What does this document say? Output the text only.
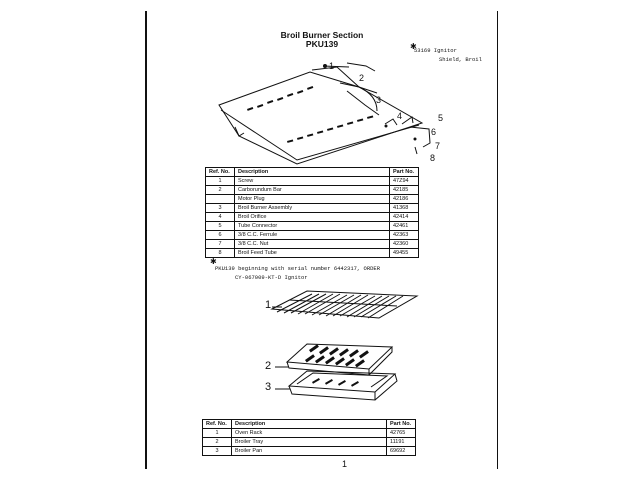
Broil Burner Section
PKU139
53169 Ignitor
Shield, Broil
✱
1
2
3
4	5
6
7
8
Ref. No.	Description	Part No.
1	Screw	47Z94
2	Carborundum Bar	42185
	Motor Plug	42186
3	Broil Burner Assembly	41368
4	Broil Orifice	42414
5	Tube Connector	42461
6	3/8 C.C. Ferrule	42363
7	3/8 C.C. Nut	42360
8	Broil Feed Tube	49455
✱
PKU139 beginning with serial number 6442317, ORDER
CY-067009-KT-D Ignitor
1
2
3
Ref. No.	Description	Part No.
1	Oven Rack	42765
2	Broiler Tray	11191
3	Broiler Pan	69692
1
